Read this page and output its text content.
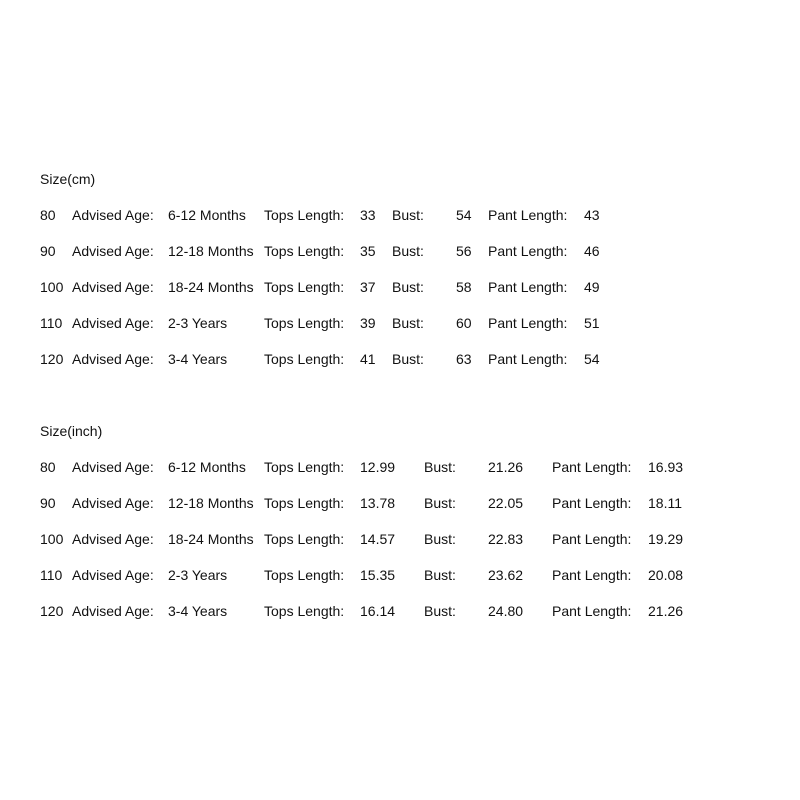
Size(cm)
80 Advised Age: 6-12 Months Tops Length: 33 Bust: 54 Pant Length: 43
90 Advised Age: 12-18 Months Tops Length: 35 Bust: 56 Pant Length: 46
100 Advised Age: 18-24 Months Tops Length: 37 Bust: 58 Pant Length: 49
110 Advised Age: 2-3 Years	Tops Length: 39 Bust: 60 Pant Length: 51
120 Advised Age: 3-4 Years	Tops Length: 41 Bust: 63 Pant Length: 54
Size(inch)
80 Advised Age: 6-12 Months Tops Length: 12.99 Bust: 21.26 Pant Length: 16.93
90 Advised Age: 12-18 Months Tops Length: 13.78 Bust: 22.05 Pant Length: 18.11
100 Advised Age: 18-24 Months Tops Length: 14.57 Bust: 22.83 Pant Length: 19.29
110 Advised Age: 2-3 Years	Tops Length: 15.35 Bust: 23.62 Pant Length: 20.08
120 Advised Age: 3-4 Years	Tops Length: 16.14 Bust: 24.80 Pant Length: 21.26
